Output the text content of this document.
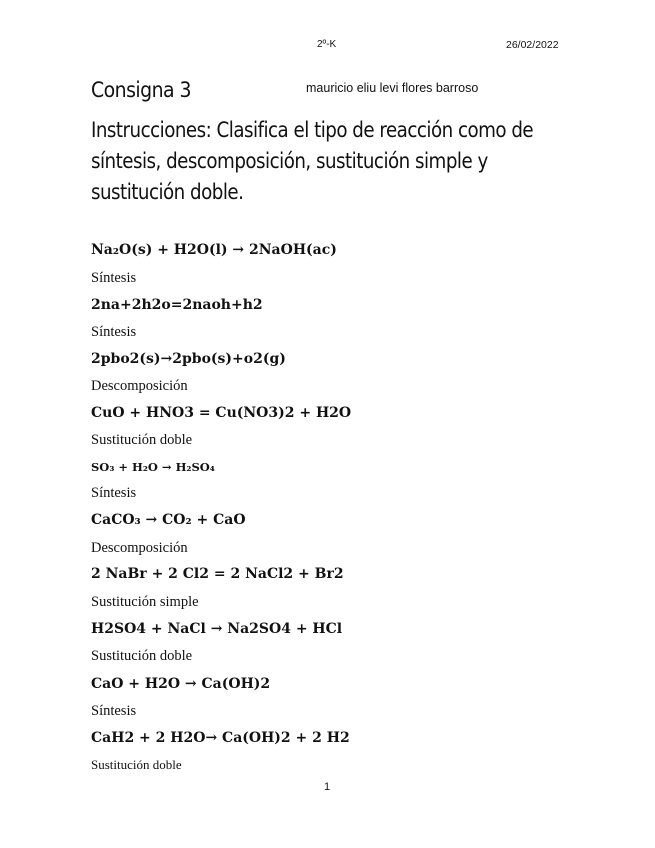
2º-K	26/02/2022
Consigna 3	mauricio eliu levi flores barroso
Instrucciones: Clasifica el tipo de reacción como de
síntesis, descomposición, sustitución simple y
sustitución doble.
Na₂O(s) + H2O(l) → 2NaOH(ac)
Síntesis
2na+2h2o=2naoh+h2
Síntesis
2pbo2(s)→2pbo(s)+o2(g)
Descomposición
CuO + HNO3 = Cu(NO3)2 + H2O
Sustitución doble
SO₃ + H₂O → H₂SO₄
Síntesis
CaCO₃ → CO₂ + CaO
Descomposición
2 NaBr + 2 Cl2 = 2 NaCl2 + Br2
Sustitución simple
H2SO4 + NaCl → Na2SO4 + HCl
Sustitución doble
CaO + H2O → Ca(OH)2
Síntesis
CaH2 + 2 H2O→ Ca(OH)2 + 2 H2
Sustitución doble
1
